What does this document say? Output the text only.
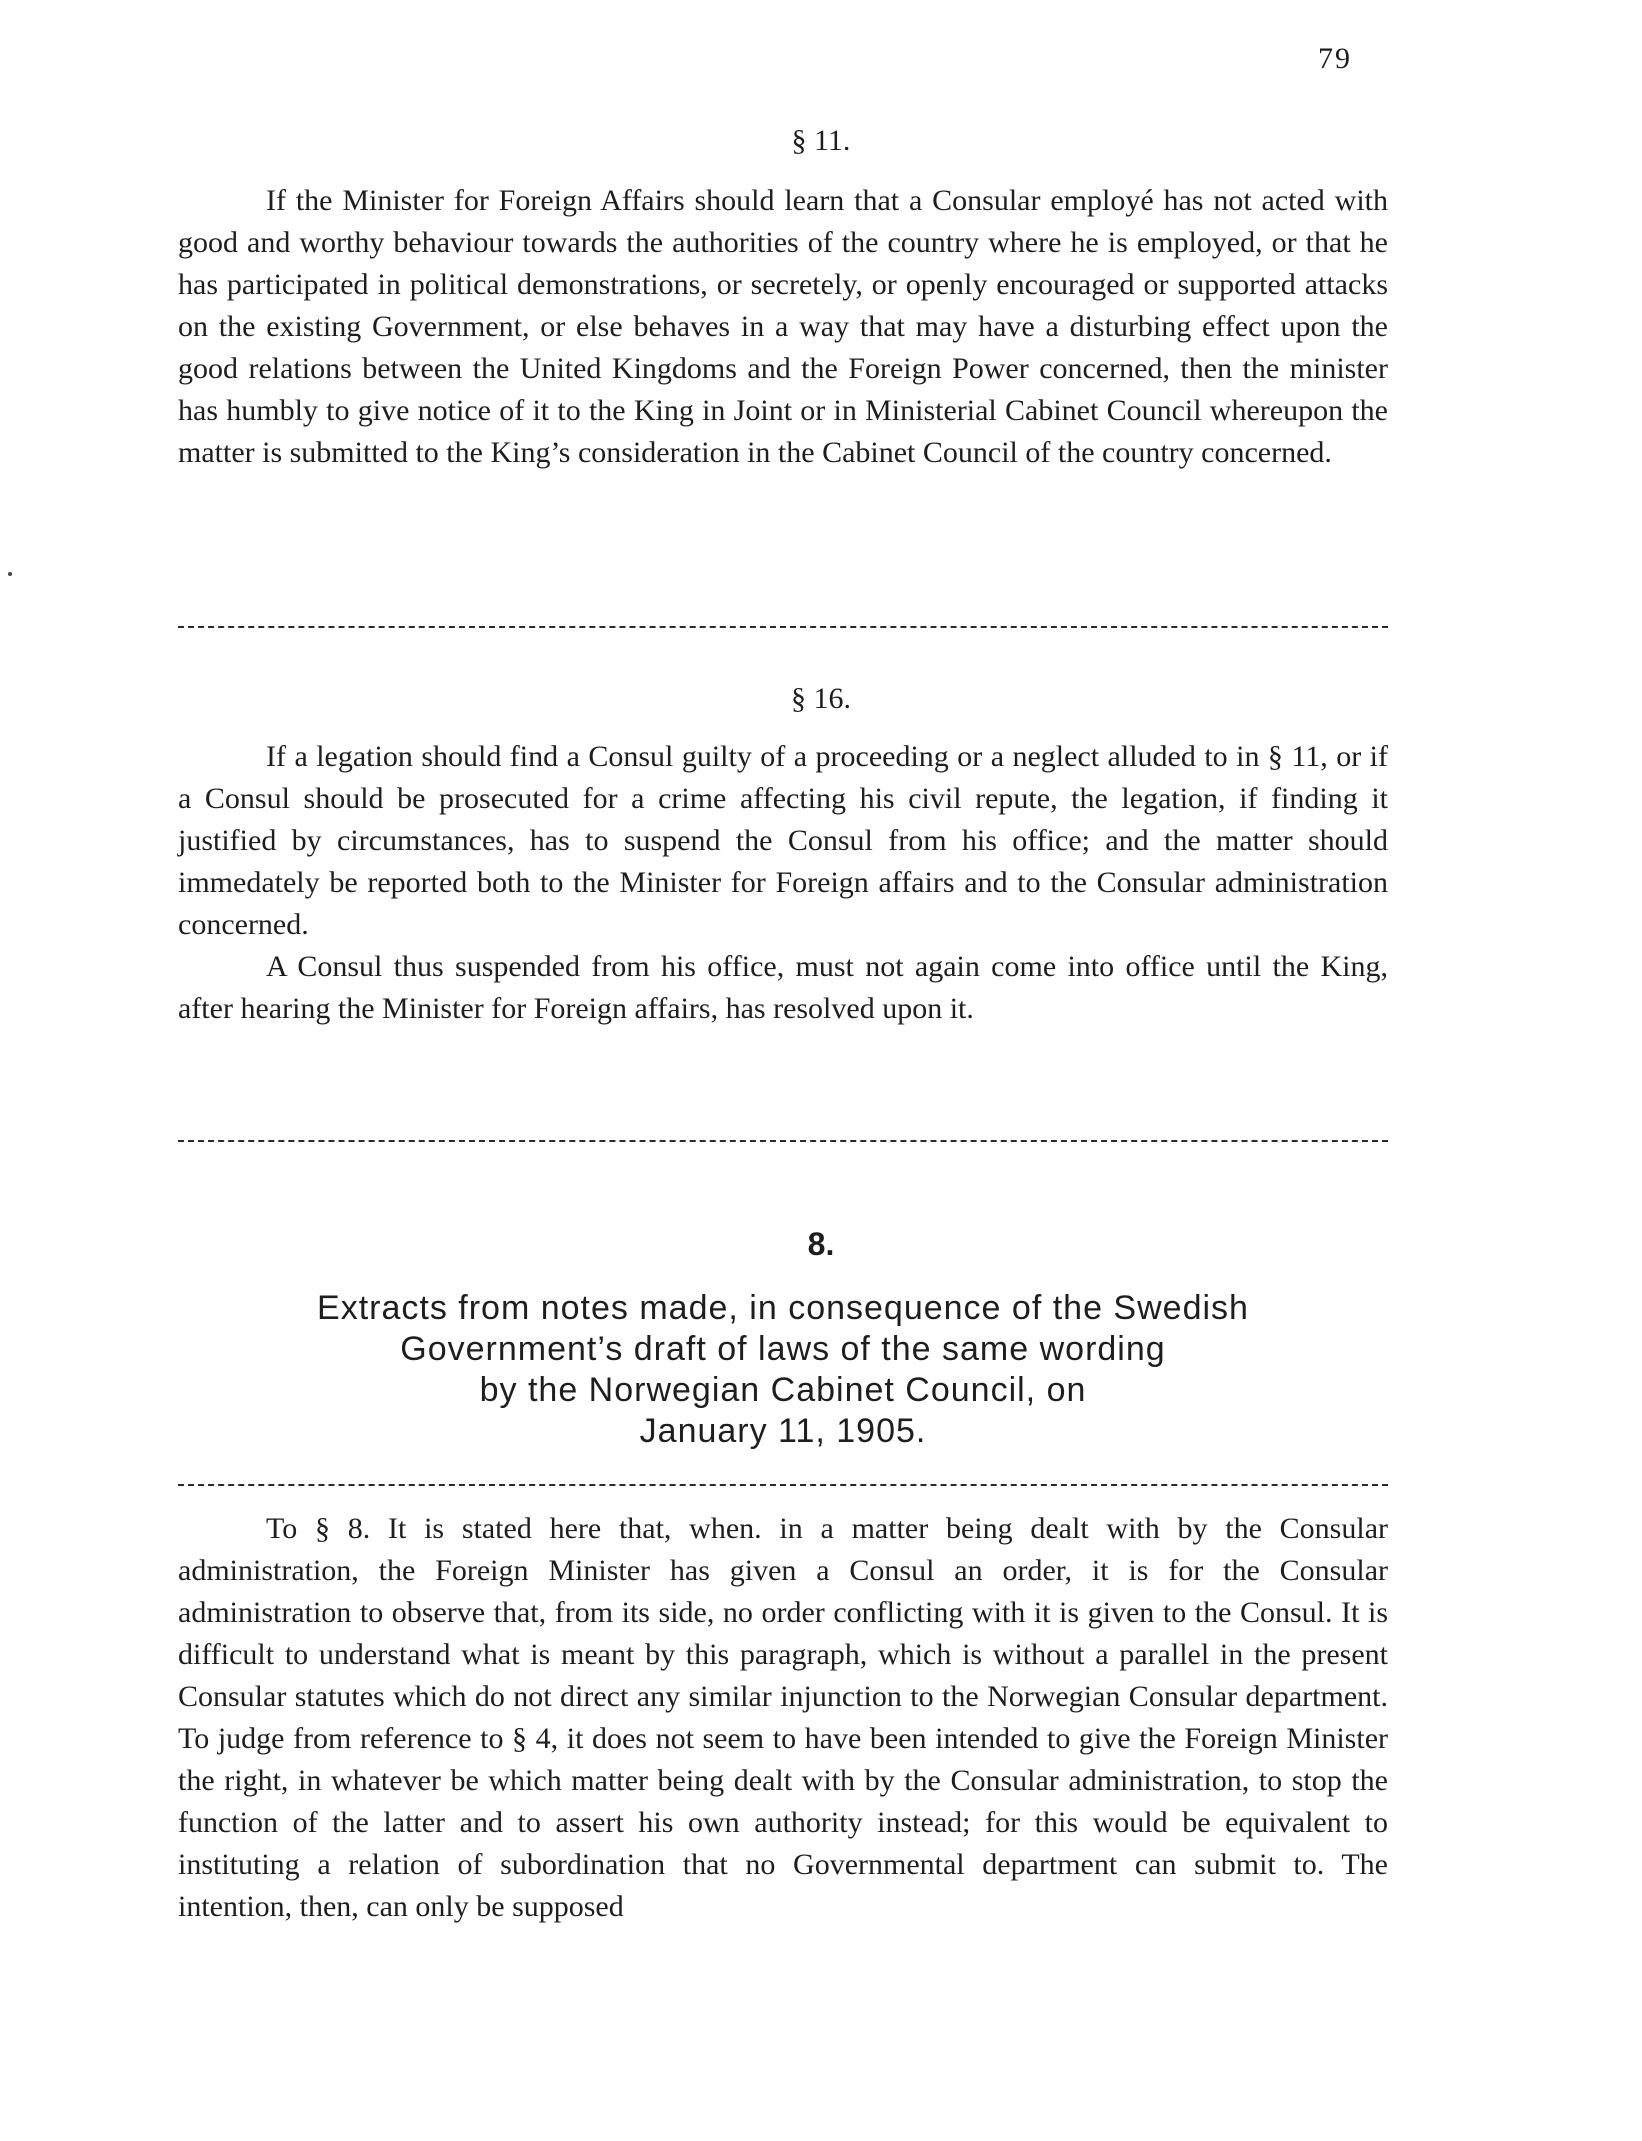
79
§ 11.

If the Minister for Foreign Affairs should learn that a Consular employé has not acted with good and worthy behaviour towards the authorities of the country where he is employed, or that he has participated in political demonstrations, or secretely, or openly encouraged or supported attacks on the existing Government, or else behaves in a way that may have a disturbing effect upon the good relations between the United Kingdoms and the Foreign Power concerned, then the minister has humbly to give notice of it to the King in Joint or in Ministerial Cabinet Council whereupon the matter is submitted to the King’s consideration in the Cabinet Council of the country concerned.

§ 16.

If a legation should find a Consul guilty of a proceeding or a neglect alluded to in § 11, or if a Consul should be prosecuted for a crime affecting his civil repute, the legation, if finding it justified by circumstances, has to suspend the Consul from his office; and the matter should immedately be reported both to the Minister for Foreign affairs and to the Consular administration concerned.

A Consul thus suspended from his office, must not again come into office until the King, after hearing the Minister for Foreign affairs, has resolved upon it.

8.
Extracts from notes made, in consequence of the Swedish
Government’s draft of laws of the same wording
by the Norwegian Cabinet Council, on
January 11, 1905.

To § 8. It is stated here that, when. in a matter being dealt with by the Consular administration, the Foreign Minister has given a Consul an order, it is for the Consular administration to observe that, from its side, no order conflicting with it is given to the Consul. It is difficult to understand what is meant by this paragraph, which is without a parallel in the present Consular statutes which do not direct any similar injunction to the Norwegian Consular department. To judge from reference to § 4, it does not seem to have been intended to give the Foreign Minister the right, in whatever be which matter being dealt with by the Consular administration, to stop the function of the latter and to assert his own authority instead; for this would be equivalent to instituting a relation of subordination that no Governmental department can submit to. The intention, then, can only be supposed
